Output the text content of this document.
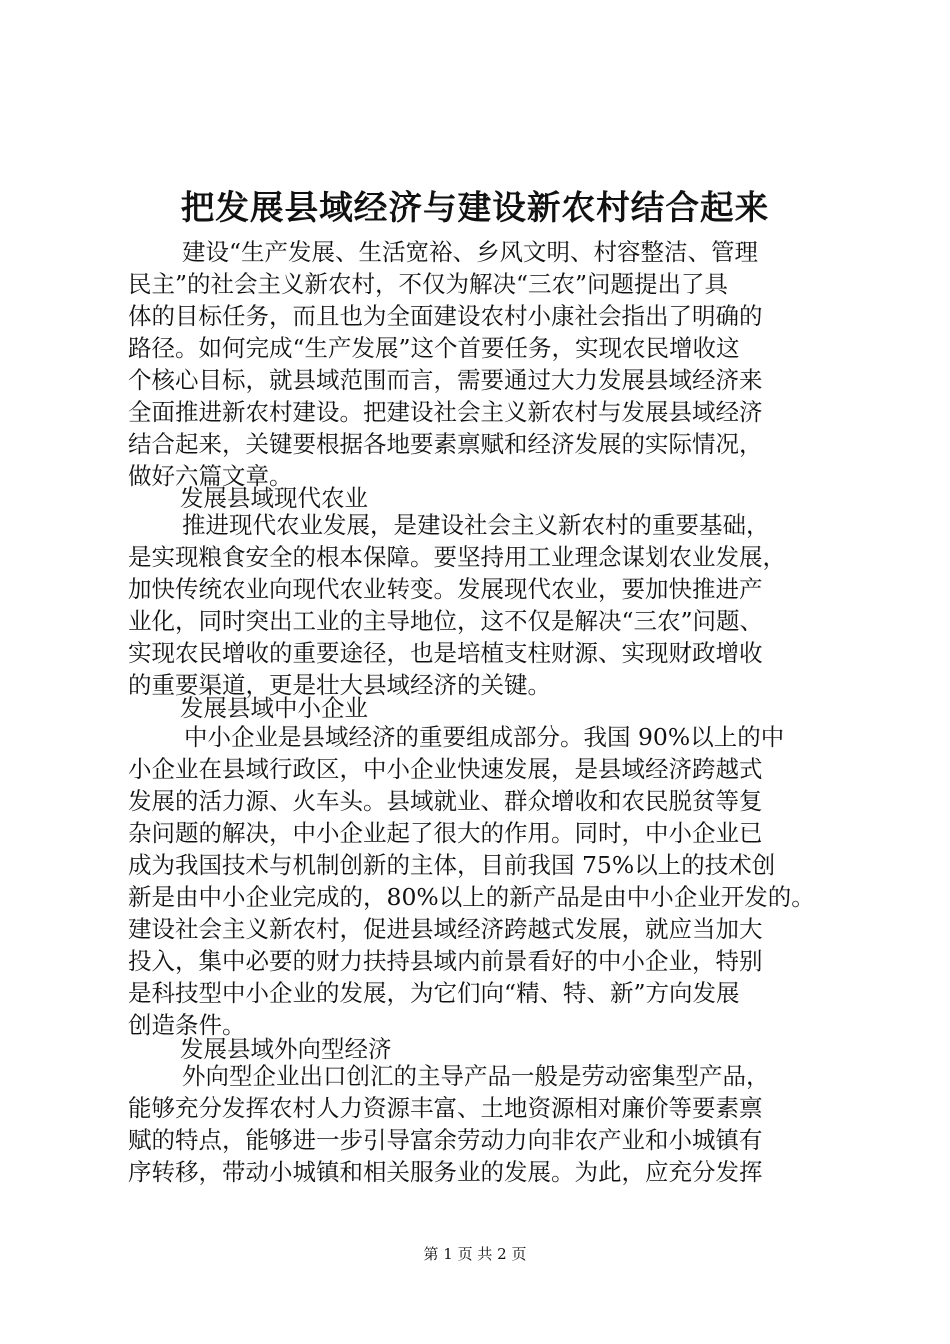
把发展县域经济与建设新农村结合起来
建设“生产发展、生活宽裕、乡风文明、村容整洁、管理
民主”的社会主义新农村，不仅为解决“三农”问题提出了具
体的目标任务，而且也为全面建设农村小康社会指出了明确的
路径。如何完成“生产发展”这个首要任务，实现农民增收这
个核心目标，就县域范围而言，需要通过大力发展县域经济来
全面推进新农村建设。把建设社会主义新农村与发展县域经济
结合起来，关键要根据各地要素禀赋和经济发展的实际情况，
做好六篇文章。
发展县域现代农业
推进现代农业发展，是建设社会主义新农村的重要基础，
是实现粮食安全的根本保障。要坚持用工业理念谋划农业发展，
加快传统农业向现代农业转变。发展现代农业，要加快推进产
业化，同时突出工业的主导地位，这不仅是解决“三农”问题、
实现农民增收的重要途径，也是培植支柱财源、实现财政增收
的重要渠道，更是壮大县域经济的关键。
发展县域中小企业
中小企业是县域经济的重要组成部分。我国 90%以上的中
小企业在县域行政区，中小企业快速发展，是县域经济跨越式
发展的活力源、火车头。县域就业、群众增收和农民脱贫等复
杂问题的解决，中小企业起了很大的作用。同时，中小企业已
成为我国技术与机制创新的主体，目前我国 75%以上的技术创
新是由中小企业完成的，80%以上的新产品是由中小企业开发的。
建设社会主义新农村，促进县域经济跨越式发展，就应当加大
投入，集中必要的财力扶持县域内前景看好的中小企业，特别
是科技型中小企业的发展，为它们向“精、特、新”方向发展
创造条件。
发展县域外向型经济
外向型企业出口创汇的主导产品一般是劳动密集型产品，
能够充分发挥农村人力资源丰富、土地资源相对廉价等要素禀
赋的特点，能够进一步引导富余劳动力向非农产业和小城镇有
序转移，带动小城镇和相关服务业的发展。为此，应充分发挥
第 1 页 共 2 页
